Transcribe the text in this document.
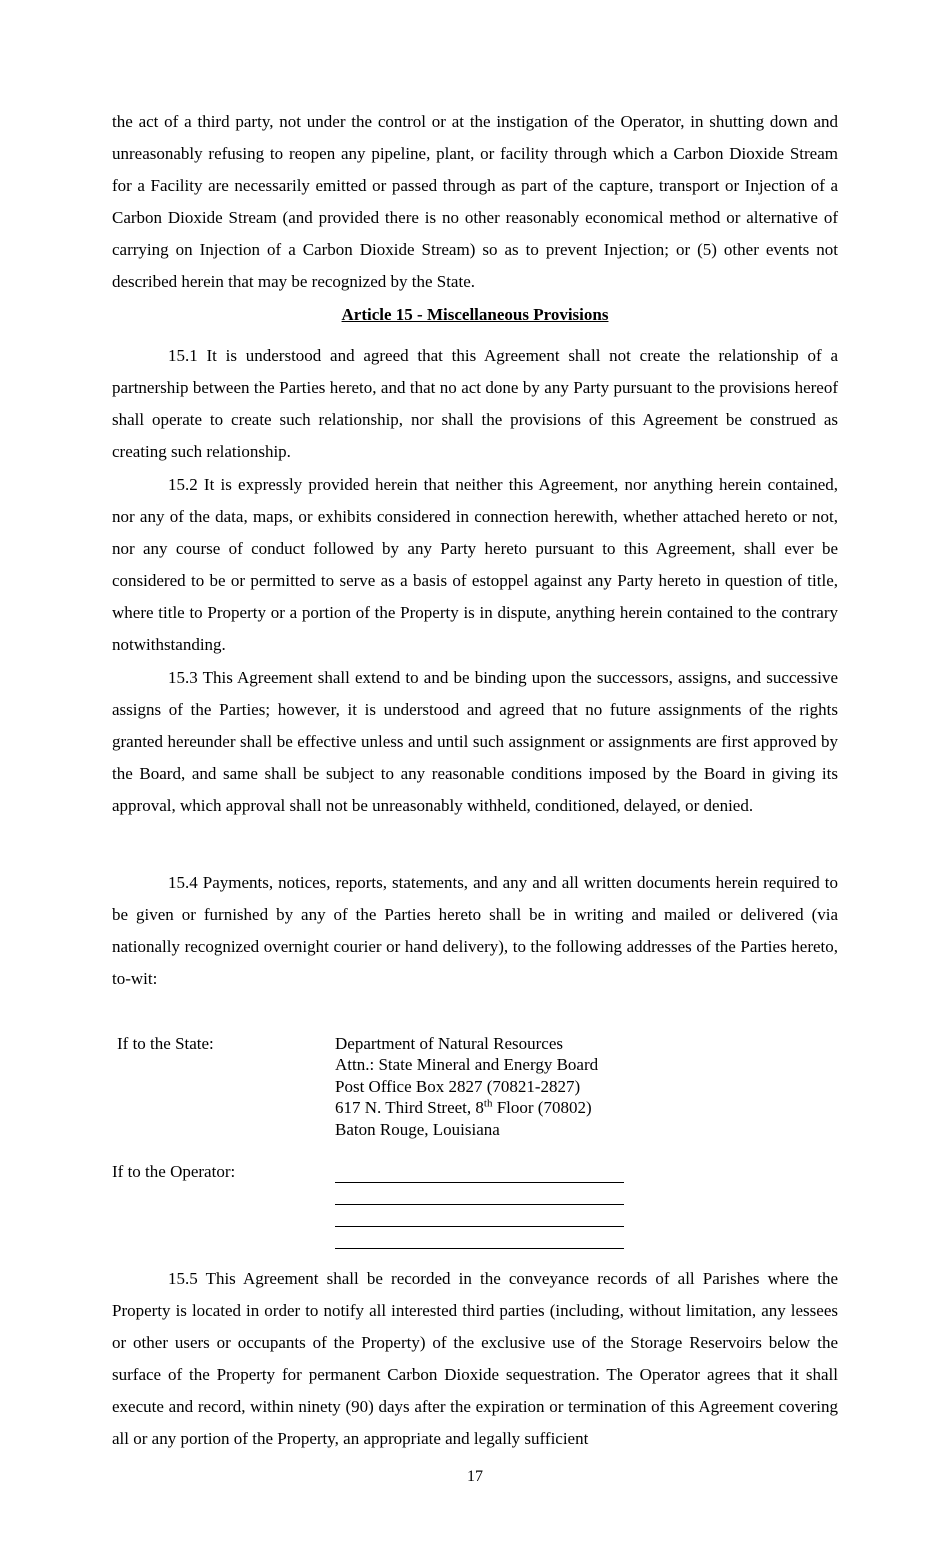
the act of a third party, not under the control or at the instigation of the Operator, in shutting down and unreasonably refusing to reopen any pipeline, plant, or facility through which a Carbon Dioxide Stream for a Facility are necessarily emitted or passed through as part of the capture, transport or Injection of a Carbon Dioxide Stream (and provided there is no other reasonably economical method or alternative of carrying on Injection of a Carbon Dioxide Stream) so as to prevent Injection; or (5) other events not described herein that may be recognized by the State.

Article 15 - Miscellaneous Provisions

15.1 It is understood and agreed that this Agreement shall not create the relationship of a partnership between the Parties hereto, and that no act done by any Party pursuant to the provisions hereof shall operate to create such relationship, nor shall the provisions of this Agreement be construed as creating such relationship.

15.2 It is expressly provided herein that neither this Agreement, nor anything herein contained, nor any of the data, maps, or exhibits considered in connection herewith, whether attached hereto or not, nor any course of conduct followed by any Party hereto pursuant to this Agreement, shall ever be considered to be or permitted to serve as a basis of estoppel against any Party hereto in question of title, where title to Property or a portion of the Property is in dispute, anything herein contained to the contrary notwithstanding.

15.3 This Agreement shall extend to and be binding upon the successors, assigns, and successive assigns of the Parties; however, it is understood and agreed that no future assignments of the rights granted hereunder shall be effective unless and until such assignment or assignments are first approved by the Board, and same shall be subject to any reasonable conditions imposed by the Board in giving its approval, which approval shall not be unreasonably withheld, conditioned, delayed, or denied.

15.4 Payments, notices, reports, statements, and any and all written documents herein required to be given or furnished by any of the Parties hereto shall be in writing and mailed or delivered (via nationally recognized overnight courier or hand delivery), to the following addresses of the Parties hereto, to-wit:

If to the State:	Department of Natural Resources
Attn.: State Mineral and Energy Board
Post Office Box 2827 (70821-2827)
617 N. Third Street, 8th Floor (70802)
Baton Rouge, Louisiana
If to the Operator:

15.5 This Agreement shall be recorded in the conveyance records of all Parishes where the Property is located in order to notify all interested third parties (including, without limitation, any lessees or other users or occupants of the Property) of the exclusive use of the Storage Reservoirs below the surface of the Property for permanent Carbon Dioxide sequestration. The Operator agrees that it shall execute and record, within ninety (90) days after the expiration or termination of this Agreement covering all or any portion of the Property, an appropriate and legally sufficient

17
